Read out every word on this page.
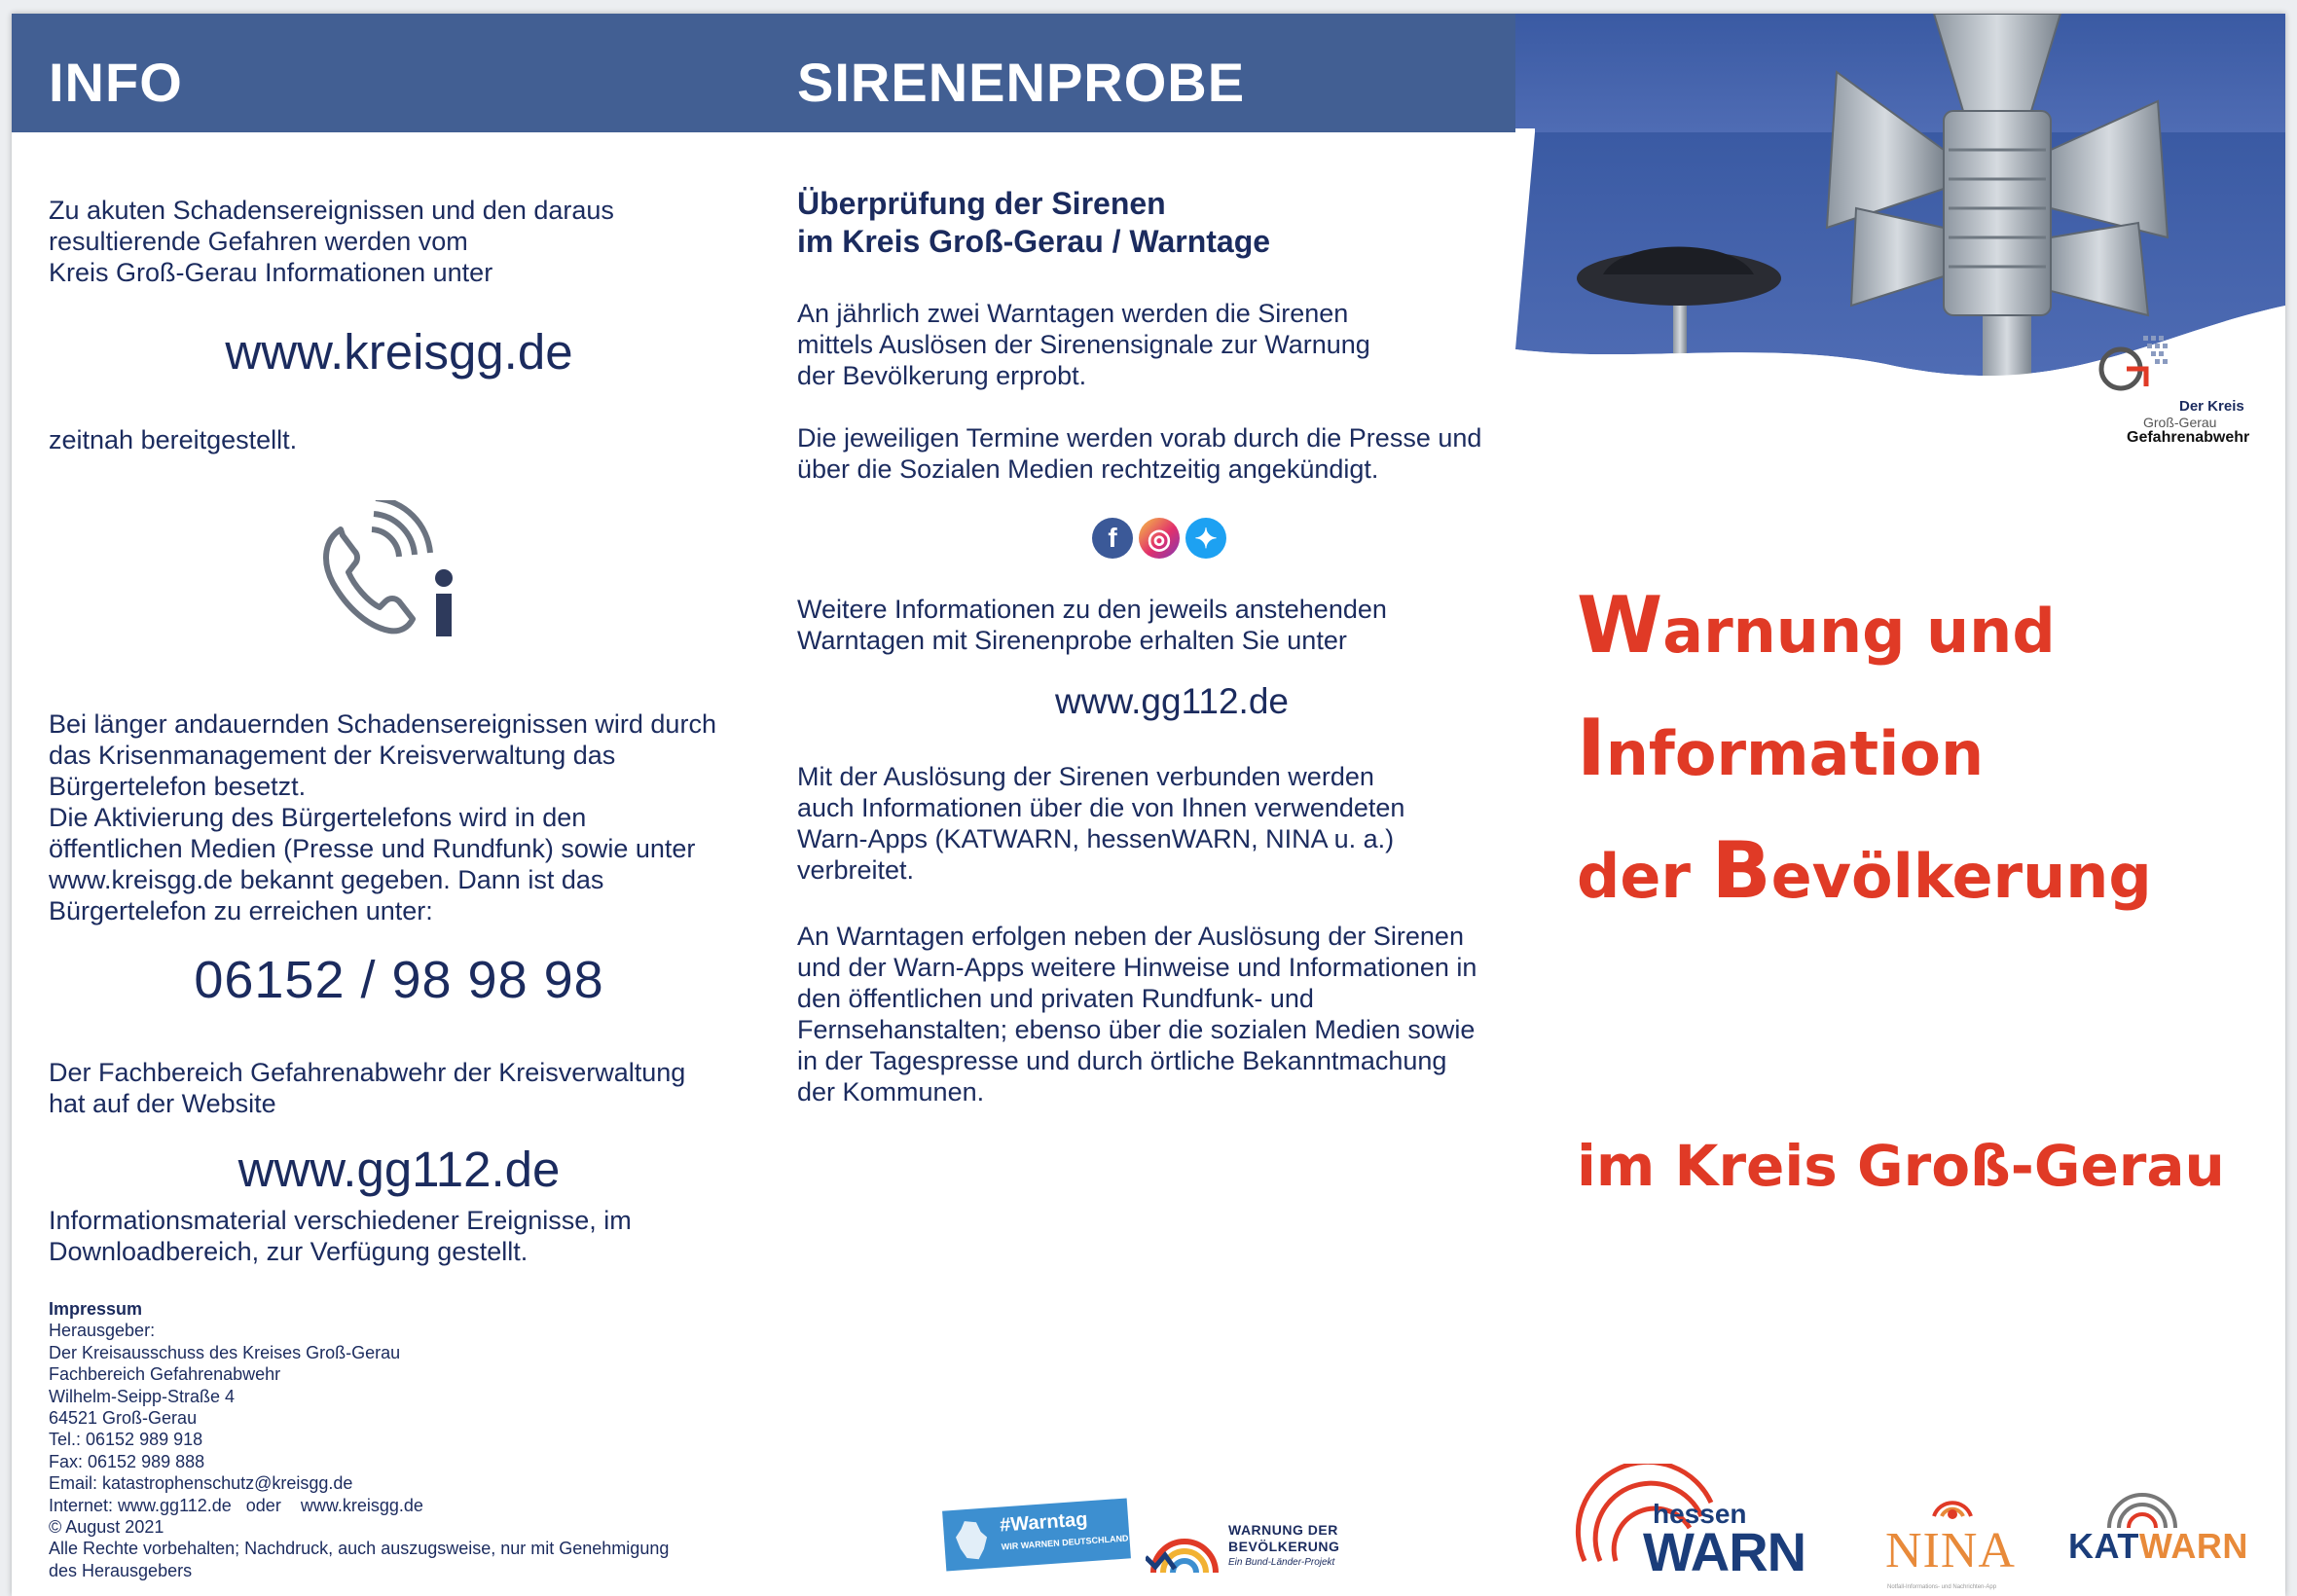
INFO	SIRENENPROBE
Der Kreis
Groß-Gerau
Gefahrenabwehr
Zu akuten Schadensereignissen und den daraus
resultierende Gefahren werden vom
Kreis Groß-Gerau Informationen unter
www.kreisgg.de
zeitnah bereitgestellt.
Bei länger andauernden Schadensereignissen wird durch
das Krisenmanagement der Kreisverwaltung das
Bürgertelefon besetzt.
Die Aktivierung des Bürgertelefons wird in den
öffentlichen Medien (Presse und Rundfunk) sowie unter
www.kreisgg.de bekannt gegeben. Dann ist das
Bürgertelefon zu erreichen unter:
06152 / 98 98 98
Der Fachbereich Gefahrenabwehr der Kreisverwaltung
hat auf der Website
www.gg112.de
Informationsmaterial verschiedener Ereignisse, im
Downloadbereich, zur Verfügung gestellt.
Impressum
Herausgeber:
Der Kreisausschuss des Kreises Groß-Gerau
Fachbereich Gefahrenabwehr
Wilhelm-Seipp-Straße 4
64521 Groß-Gerau
Tel.: 06152 989 918
Fax: 06152 989 888
Email: katastrophenschutz@kreisgg.de
Internet: www.gg112.de   oder    www.kreisgg.de
© August 2021
Alle Rechte vorbehalten; Nachdruck, auch auszugsweise, nur mit Genehmigung
des Herausgebers
Überprüfung der Sirenen
im Kreis Groß-Gerau / Warntage
An jährlich zwei Warntagen werden die Sirenen
mittels Auslösen der Sirenensignale zur Warnung
der Bevölkerung erprobt.
Die jeweiligen Termine werden vorab durch die Presse und
über die Sozialen Medien rechtzeitig angekündigt.
f	◎ ✦
Weitere Informationen zu den jeweils anstehenden
Warntagen mit Sirenenprobe erhalten Sie unter
www.gg112.de
Mit der Auslösung der Sirenen verbunden werden
auch Informationen über die von Ihnen verwendeten
Warn-Apps (KATWARN, hessenWARN, NINA u. a.)
verbreitet.
An Warntagen erfolgen neben der Auslösung der Sirenen
und der Warn-Apps weitere Hinweise und Informationen in
den öffentlichen und privaten Rundfunk- und
Fernsehanstalten; ebenso über die sozialen Medien sowie
in der Tagespresse und durch örtliche Bekanntmachung
der Kommunen.
Warnung und
Information
der Bevölkerung
im Kreis Groß-Gerau
#Warntag
WIR WARNEN DEUTSCHLAND
WARNUNG DER
BEVÖLKERUNG
Ein Bund-Länder-Projekt
hessen
WARN NINA
Notfall-Informations- und Nachrichten-App
KATWARN
